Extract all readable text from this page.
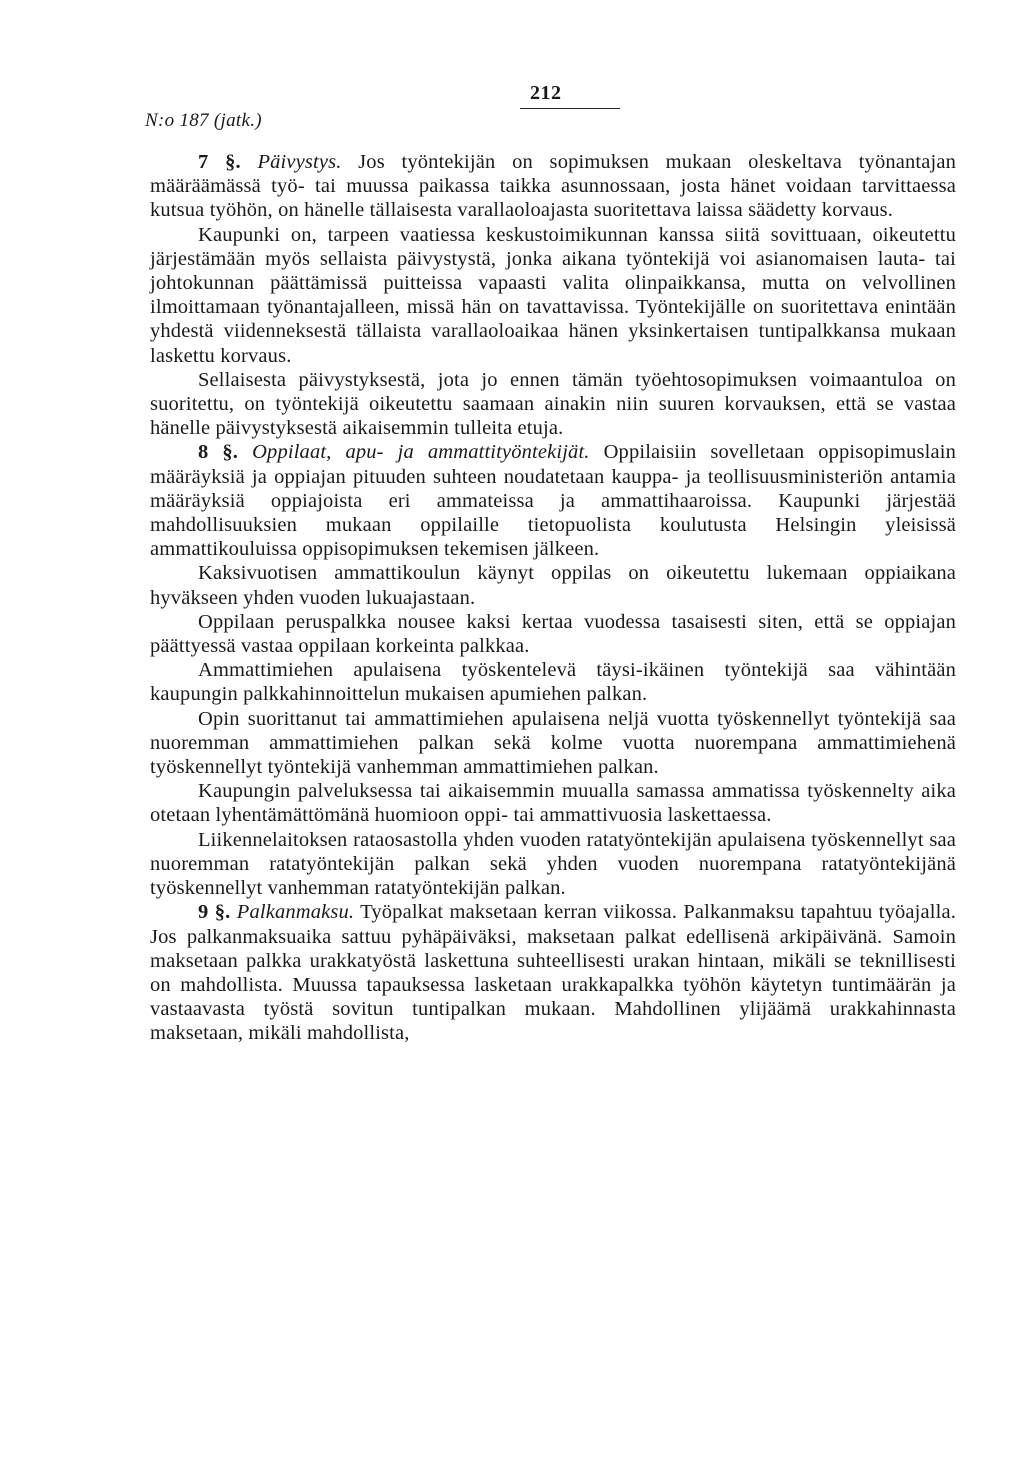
N:o 187 (jatk.)
212

7 §. Päivystys. Jos työntekijän on sopimuksen mukaan oleskeltava työnantajan määräämässä työ- tai muussa paikassa taikka asunnossaan, josta hänet voidaan tarvittaessa kutsua työhön, on hänelle tällaisesta varallaoloajasta suoritettava laissa säädetty korvaus.

Kaupunki on, tarpeen vaatiessa keskustoimikunnan kanssa siitä sovittuaan, oikeutettu järjestämään myös sellaista päivystystä, jonka aikana työntekijä voi asianomaisen lauta- tai johtokunnan päättämissä puitteissa vapaasti valita olinpaikkansa, mutta on velvollinen ilmoittamaan työnantajalleen, missä hän on tavattavissa. Työntekijälle on suoritettava enintään yhdestä viidenneksestä tällaista varallaoloaikaa hänen yksinkertaisen tuntipalkkansa mukaan laskettu korvaus.

Sellaisesta päivystyksestä, jota jo ennen tämän työehtosopimuksen voimaantuloa on suoritettu, on työntekijä oikeutettu saamaan ainakin niin suuren korvauksen, että se vastaa hänelle päivystyksestä aikaisemmin tulleita etuja.

8 §. Oppilaat, apu- ja ammattityöntekijät. Oppilaisiin sovelletaan oppisopimuslain määräyksiä ja oppiajan pituuden suhteen noudatetaan kauppa- ja teollisuusministeriön antamia määräyksiä oppiajoista eri ammateissa ja ammattihaaroissa. Kaupunki järjestää mahdollisuuksien mukaan oppilaille tietopuolista koulutusta Helsingin yleisissä ammattikouluissa oppisopimuksen tekemisen jälkeen.

Kaksivuotisen ammattikoulun käynyt oppilas on oikeutettu lukemaan oppiaikana hyväkseen yhden vuoden lukuajastaan.

Oppilaan peruspalkka nousee kaksi kertaa vuodessa tasaisesti siten, että se oppiajan päättyessä vastaa oppilaan korkeinta palkkaa.

Ammattimiehen apulaisena työskentelevä täysi-ikäinen työntekijä saa vähintään kaupungin palkkahinnoittelun mukaisen apumiehen palkan.

Opin suorittanut tai ammattimiehen apulaisena neljä vuotta työskennellyt työntekijä saa nuoremman ammattimiehen palkan sekä kolme vuotta nuorempana ammattimiehenä työskennellyt työntekijä vanhemman ammattimiehen palkan.

Kaupungin palveluksessa tai aikaisemmin muualla samassa ammatissa työskennelty aika otetaan lyhentämättömänä huomioon oppi- tai ammattivuosia laskettaessa.

Liikennelaitoksen rataosastolla yhden vuoden ratatyöntekijän apulaisena työskennellyt saa nuoremman ratatyöntekijän palkan sekä yhden vuoden nuorempana ratatyöntekijänä työskennellyt vanhemman ratatyöntekijän palkan.

9 §. Palkanmaksu. Työpalkat maksetaan kerran viikossa. Palkanmaksu tapahtuu työajalla. Jos palkanmaksuaika sattuu pyhäpäiväksi, maksetaan palkat edellisenä arkipäivänä. Samoin maksetaan palkka urakkatyöstä laskettuna suhteellisesti urakan hintaan, mikäli se teknillisesti on mahdollista. Muussa tapauksessa lasketaan urakkapalkka työhön käytetyn tuntimäärän ja vastaavasta työstä sovitun tuntipalkan mukaan. Mahdollinen ylijäämä urakkahinnasta maksetaan, mikäli mahdollista,
